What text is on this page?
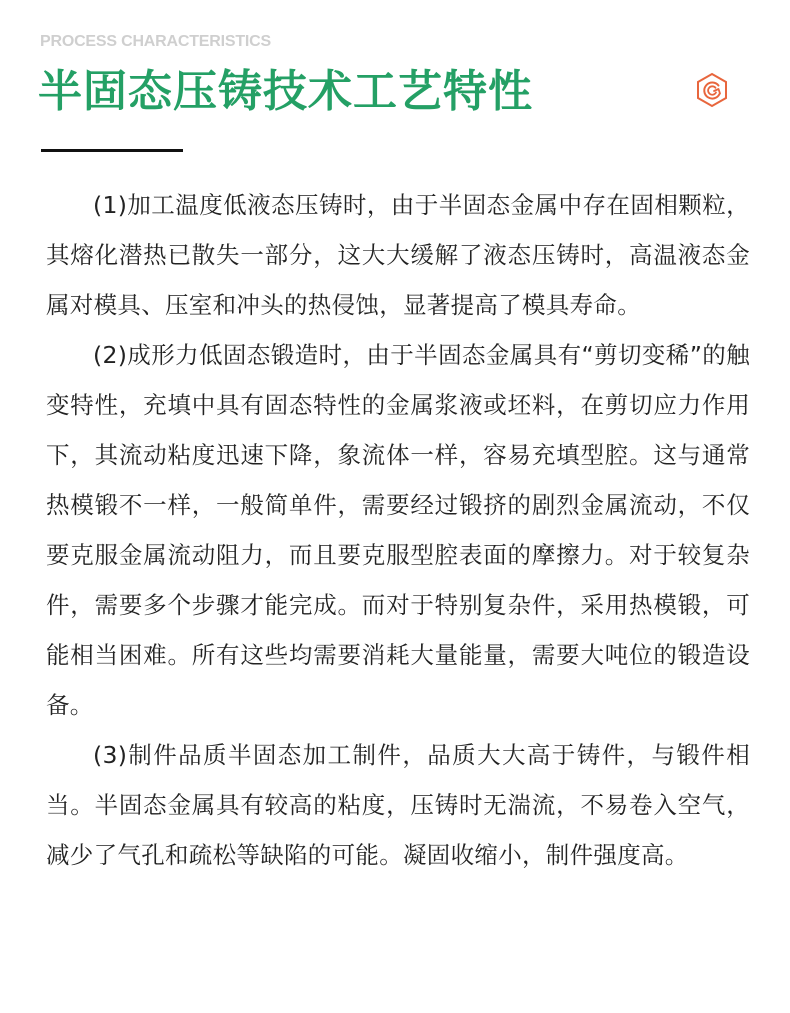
PROCESS CHARACTERISTICS
半固态压铸技术工艺特性

(1)加工温度低液态压铸时，由于半固态金属中存在固相颗粒，其熔化潜热已散失一部分，这大大缓解了液态压铸时，高温液态金属对模具、压室和冲头的热侵蚀，显著提高了模具寿命。

(2)成形力低固态锻造时，由于半固态金属具有“剪切变稀”的触变特性，充填中具有固态特性的金属浆液或坯料，在剪切应力作用下，其流动粘度迅速下降，象流体一样，容易充填型腔。这与通常热模锻不一样，一般简单件，需要经过锻挤的剧烈金属流动，不仅要克服金属流动阻力，而且要克服型腔表面的摩擦力。对于较复杂件，需要多个步骤才能完成。而对于特别复杂件，采用热模锻，可能相当困难。所有这些均需要消耗大量能量，需要大吨位的锻造设备。

(3)制件品质半固态加工制件，品质大大高于铸件，与锻件相当。半固态金属具有较高的粘度，压铸时无湍流，不易卷入空气，减少了气孔和疏松等缺陷的可能。凝固收缩小，制件强度高。
